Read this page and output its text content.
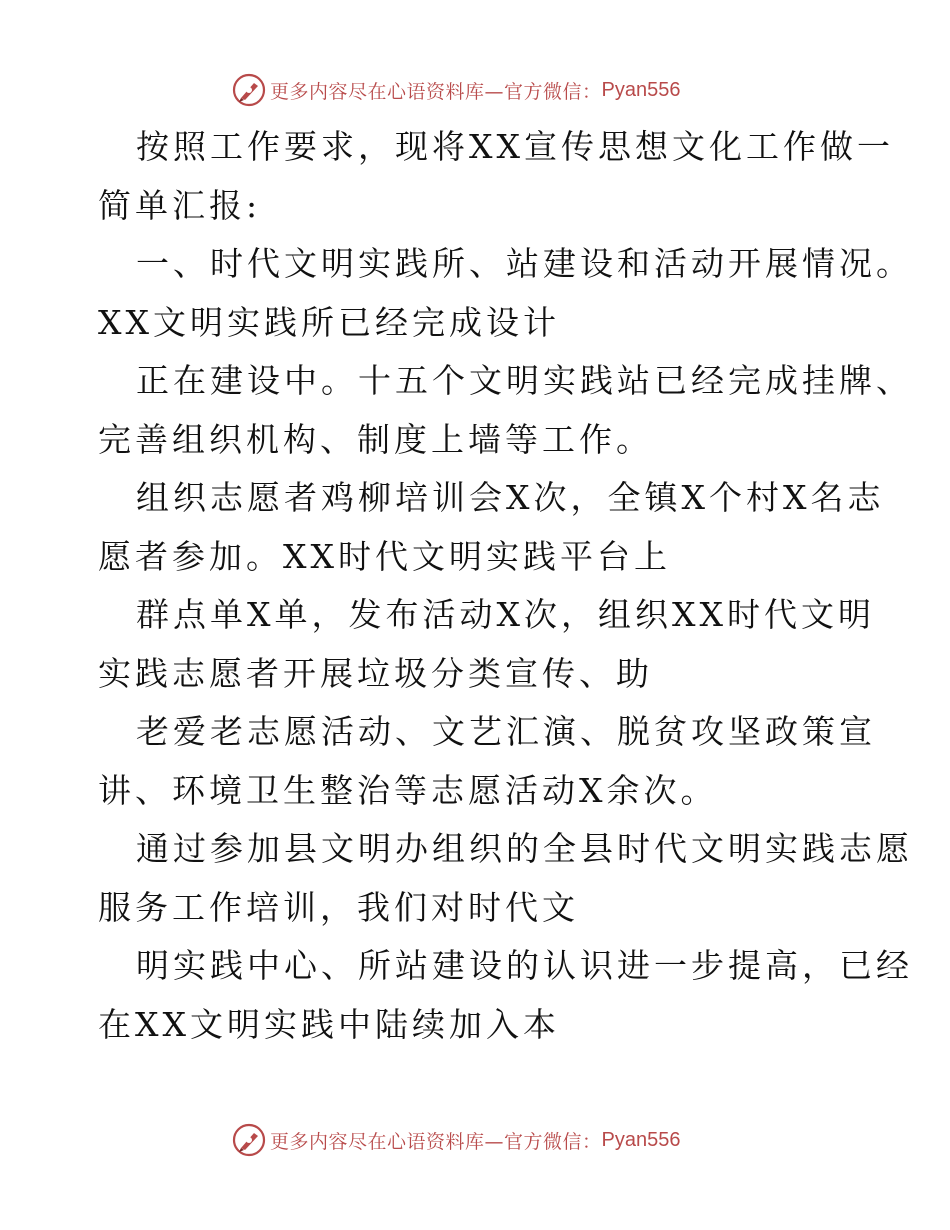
更多内容尽在心语资料库—官方微信： Pyan556
按照工作要求，现将XX宣传思想文化工作做一
简单汇报:
一、时代文明实践所、站建设和活动开展情况。
XX文明实践所已经完成设计
正在建设中。十五个文明实践站已经完成挂牌、
完善组织机构、制度上墙等工作。
组织志愿者鸡柳培训会X次，全镇X个村X名志
愿者参加。XX时代文明实践平台上
群点单X单，发布活动X次，组织XX时代文明
实践志愿者开展垃圾分类宣传、助
老爱老志愿活动、文艺汇演、脱贫攻坚政策宣
讲、环境卫生整治等志愿活动X余次。
通过参加县文明办组织的全县时代文明实践志愿
服务工作培训，我们对时代文
明实践中心、所站建设的认识进一步提高，已经
在XX文明实践中陆续加入本
更多内容尽在心语资料库—官方微信： Pyan556
